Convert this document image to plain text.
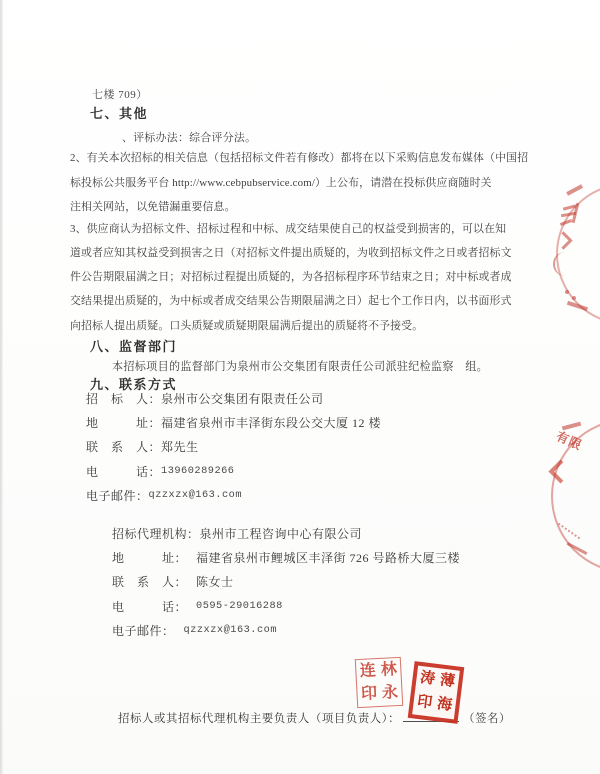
七楼 709）
七、其他
、评标办法：综合评分法。
2、有关本次招标的相关信息（包括招标文件若有修改）都将在以下采购信息发布媒体（中国招
标投标公共服务平台 http://www.cebpubservice.com/）上公布，请潜在投标供应商随时关
注相关网站，以免错漏重要信息。
3、供应商认为招标文件、招标过程和中标、成交结果使自己的权益受到损害的，可以在知
道或者应知其权益受到损害之日（对招标文件提出质疑的，为收到招标文件之日或者招标文
件公告期限届满之日；对招标过程提出质疑的，为各招标程序环节结束之日；对中标或者成
交结果提出质疑的，为中标或者成交结果公告期限届满之日）起七个工作日内，以书面形式
向招标人提出质疑。口头质疑或质疑期限届满后提出的质疑将不予接受。
八、监督部门
本招标项目的监督部门为泉州市公交集团有限责任公司派驻纪检监察　组。
九、联系方式
招　标　人： 泉州市公交集团有限责任公司
地　　　址： 福建省泉州市丰泽街东段公交大厦 12 楼
联　系　人： 郑先生
电　　　话： 13960289266
电子邮件： qzzxzx@163.com
招标代理机构： 泉州市工程咨询中心有限公司
地　　　址： 福建省泉州市鲤城区丰泽街 726 号路桥大厦三楼
联　系　人： 陈女士
电　　　话： 0595-29016288
电子邮件： qzzxzx@163.com
招标人或其招标代理机构主要负责人（项目负责人）：	（签名）
连 林
印 永
涛 薄
印 海
有限
